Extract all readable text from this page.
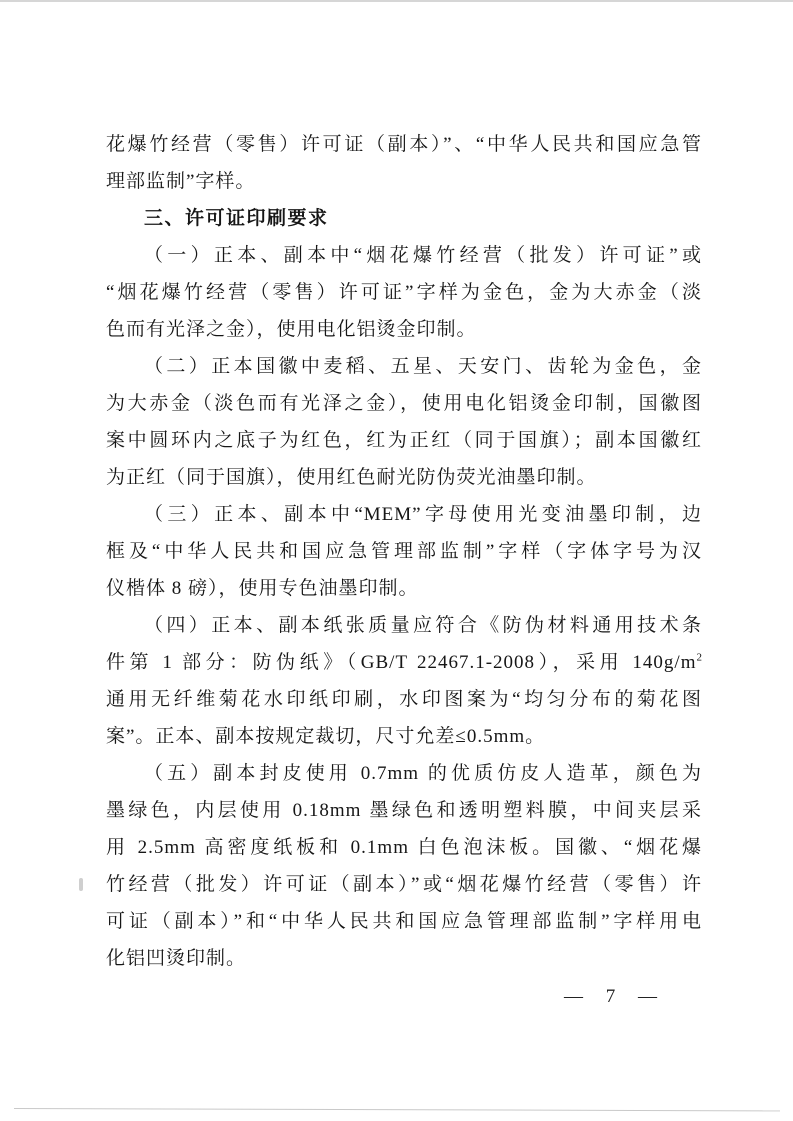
花爆竹经营（零售）许可证（副本）”、“中华人民共和国应急管
理部监制”字样。
三、许可证印刷要求
（一）正本、副本中“烟花爆竹经营（批发）许可证”或
“烟花爆竹经营（零售）许可证”字样为金色，金为大赤金（淡
色而有光泽之金），使用电化铝烫金印制。
（二）正本国徽中麦稻、五星、天安门、齿轮为金色，金
为大赤金（淡色而有光泽之金），使用电化铝烫金印制，国徽图
案中圆环内之底子为红色，红为正红（同于国旗）；副本国徽红
为正红（同于国旗），使用红色耐光防伪荧光油墨印制。
（三）正本、副本中“MEM”字母使用光变油墨印制，边
框及“中华人民共和国应急管理部监制”字样（字体字号为汉
仪楷体 8 磅），使用专色油墨印制。
（四）正本、副本纸张质量应符合《防伪材料通用技术条
件第 1 部分：防伪纸》（GB/T 22467.1-2008），采用 $140g/m^2$
通用无纤维菊花水印纸印刷，水印图案为“均匀分布的菊花图
案”。正本、副本按规定裁切，尺寸允差≤0.5mm。
（五）副本封皮使用 0.7mm 的优质仿皮人造革，颜色为
墨绿色，内层使用 0.18mm 墨绿色和透明塑料膜，中间夹层采
用 2.5mm 高密度纸板和 0.1mm 白色泡沫板。国徽、“烟花爆
竹经营（批发）许可证（副本）”或“烟花爆竹经营（零售）许
可证（副本）”和“中华人民共和国应急管理部监制”字样用电
化铝凹烫印制。
— 7 —
